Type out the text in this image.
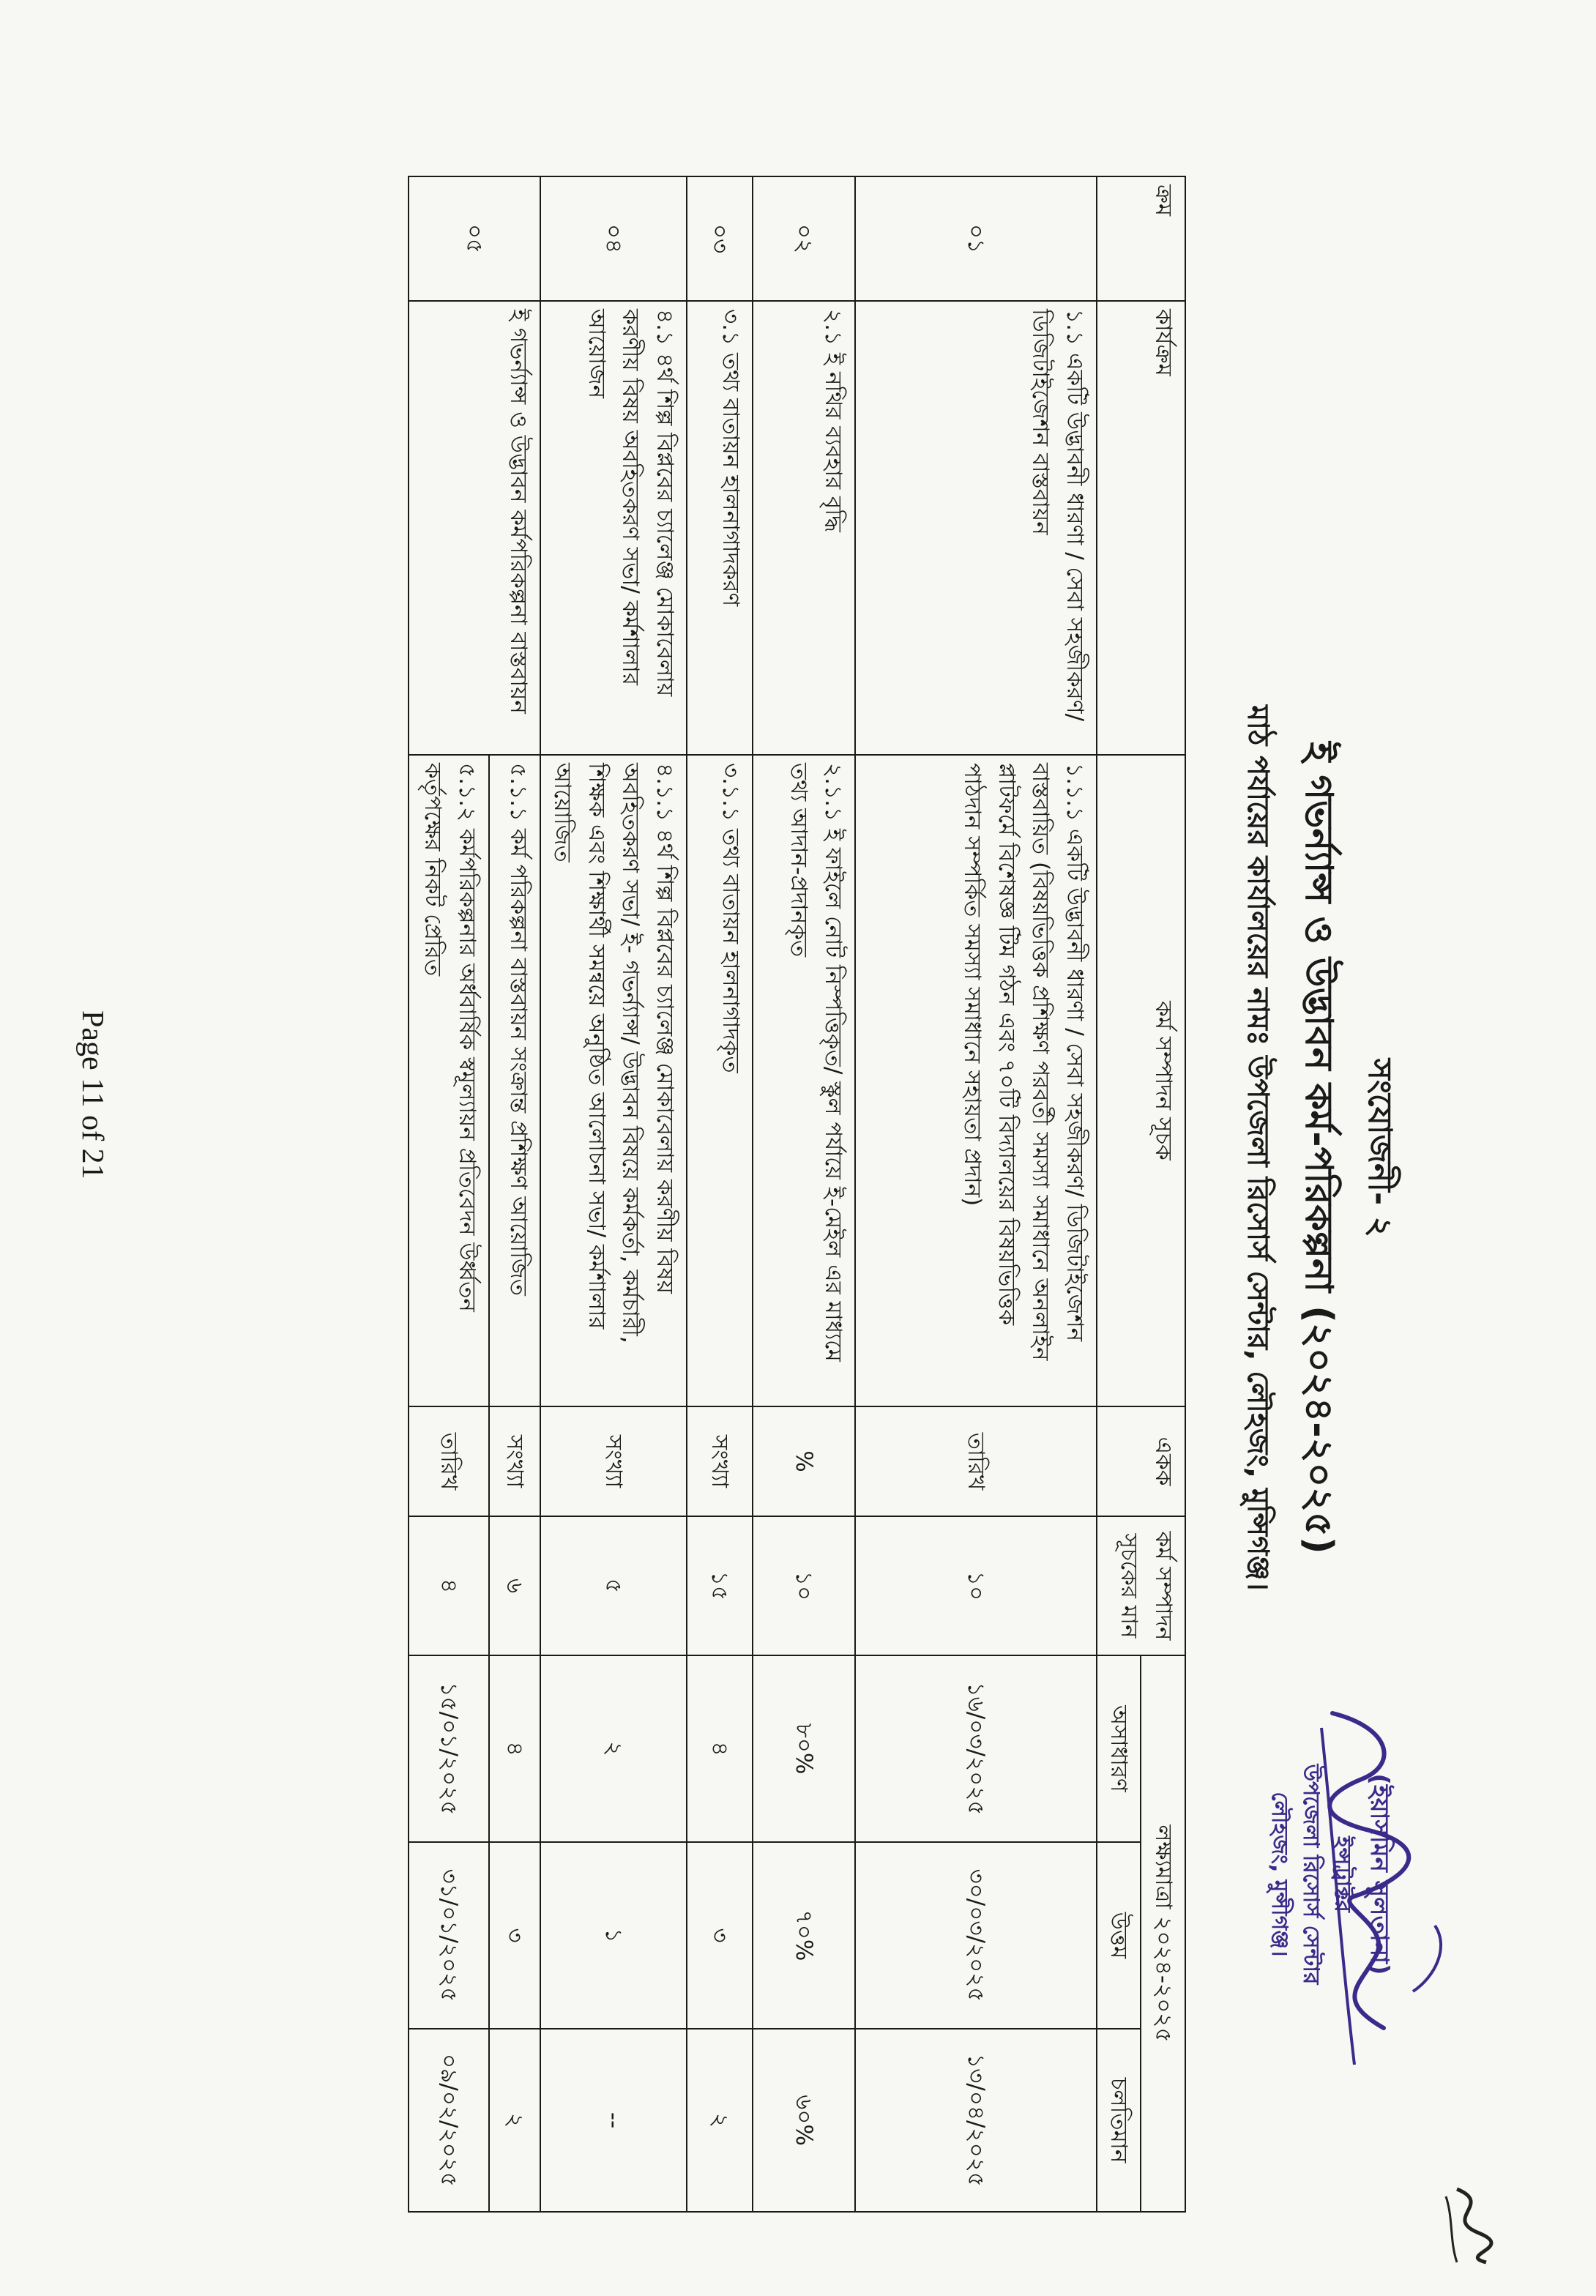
সংযোজনী- ২
ই গভর্ন্যান্স ও উদ্ভাবন কর্ম-পরিকল্পনা (২০২৪-২০২৫)
মাঠ পর্যায়ের কার্যালয়ের নামঃ উপজেলা রিসোর্স সেন্টার, লৌহজং, মুন্সিগঞ্জ।
(ইয়াসমিন সুলতানা)
ইন্সট্রাক্টর
উপজেলা রিসোর্স সেন্টার
লৌহজং, মুন্সীগঞ্জ।
ক্রম	কার্যক্রম	কর্ম সম্পাদন সূচক	একক	কর্ম সম্পাদন সূচকের মান	লক্ষ্যমাত্রা ২০২৪-২০২৫		
					অসাধারণ	উত্তম	চলতিমান
০১	১.১ একটি উদ্ভাবনী ধারণা / সেবা সহজীকরণ/ ডিজিটাইজেশন বাস্তবায়ন	১.১.১ একটি উদ্ভাবনী ধারণা / সেবা সহজীকরণ/ ডিজিটাইজেশন বাস্তবায়িত (বিষয়ভিত্তিক প্রশিক্ষণ পরবর্তী সমস্যা সমাধানে অনলাইন প্লাটফর্মে বিশেষজ্ঞ টিম গঠন এবং ৭০টি বিদ্যালয়ের বিষয়ভিত্তিক পাঠদান সম্পর্কিত সমস্যা সমাধানে সহায়তা প্রদান)	তারিখ	১০	১৬/০৩/২০২৫	৩০/০৩/২০২৫	১৩/০৪/২০২৫
০২	২.১ ই নথির ব্যবহার বৃদ্ধি	২.১.১ ই ফাইলে নোট নিস্পত্তিকৃত/ স্কুল পর্যায়ে ই-মেইল এর মাধ্যমে তথ্য আদান-প্রদানকৃত	%	১০	৮০%	৭০%	৬০%
০৩	৩.১ তথ্য বাতায়ন হালনাগাদকরণ	৩.১.১ তথ্য বাতায়ন হালনাগাদকৃত	সংখ্যা	১৫	৪	৩	২
০৪	৪.১ ৪র্থ শিল্প বিপ্লবের চ্যালেঞ্জ মোকাবেলায় করণীয় বিষয় অবহিতকরণ সভা/ কর্মশালার আয়োজন	৪.১.১ ৪র্থ শিল্প বিপ্লবের চ্যালেঞ্জ মোকাবেলায় করণীয় বিষয় অবহিতকরণ সভা/ ই- গভর্ন্যান্স/ উদ্ভাবন বিষয়ে কর্মকর্তা, কর্মচারী, শিক্ষক এবং শিক্ষার্থী সমন্বয়ে অনুষ্ঠিত আলোচনা সভা/ কর্মশালার আয়োজিত	সংখ্যা	৫	২	১	--
০৫	ই গভর্ন্যান্স ও উদ্ভাবন কর্মপরিকল্পনা বাস্তবায়ন	৫.১.১ কর্ম পরিকল্পনা বাস্তবায়ন সংক্রান্ত প্রশিক্ষণ আয়োজিত	সংখ্যা	৬	৪	৩	২
		৫.১.২ কর্মপরিকল্পনার অর্ধবার্ষিক স্বমূল্যায়ন প্রতিবেদন উর্ধ্বতন কর্তৃপক্ষের নিকট প্রেরিত	তারিখ	৪	১৫/০১/২০২৫	৩১/০১/২০২৫	০৯/০২/২০২৫
Page 11 of 21
